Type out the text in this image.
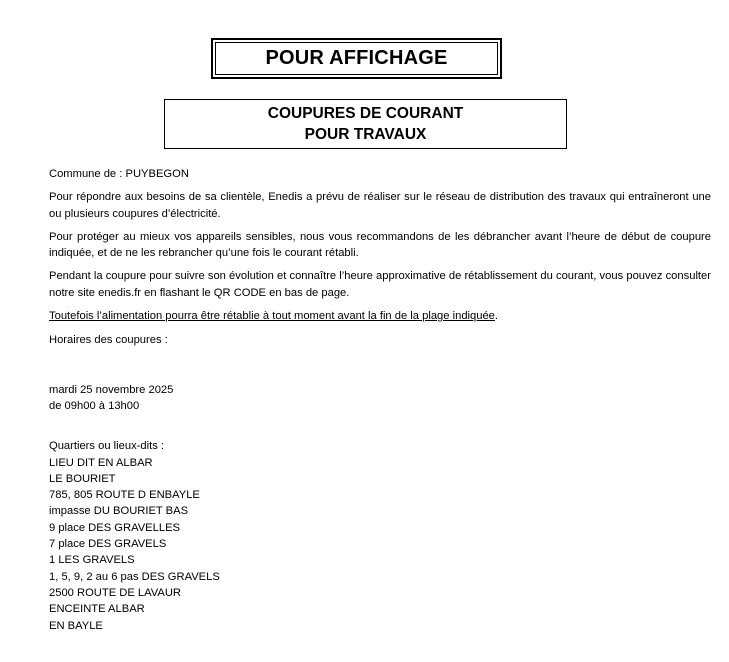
POUR AFFICHAGE
COUPURES DE COURANT
POUR TRAVAUX

Commune de : PUYBEGON

Pour répondre aux besoins de sa clientèle, Enedis a prévu de réaliser sur le réseau de distribution des travaux qui entraîneront une ou plusieurs coupures d’électricité.

Pour protéger au mieux vos appareils sensibles, nous vous recommandons de les débrancher avant l’heure de début de coupure indiquée, et de ne les rebrancher qu’une fois le courant rétabli.

Pendant la coupure pour suivre son évolution et connaître l’heure approximative de rétablissement du courant, vous pouvez consulter notre site enedis.fr en flashant le QR CODE en bas de page.

Toutefois l’alimentation pourra être rétablie à tout moment avant la fin de la plage indiquée.

Horaires des coupures :

mardi 25 novembre 2025

de 09h00 à 13h00

Quartiers ou lieux-dits :

LIEU DIT EN ALBAR

LE BOURIET

785, 805 ROUTE D ENBAYLE

impasse DU BOURIET BAS

9 place DES GRAVELLES

7 place DES GRAVELS

1 LES GRAVELS

1, 5, 9, 2 au 6 pas DES GRAVELS

2500 ROUTE DE LAVAUR

ENCEINTE ALBAR

EN BAYLE
